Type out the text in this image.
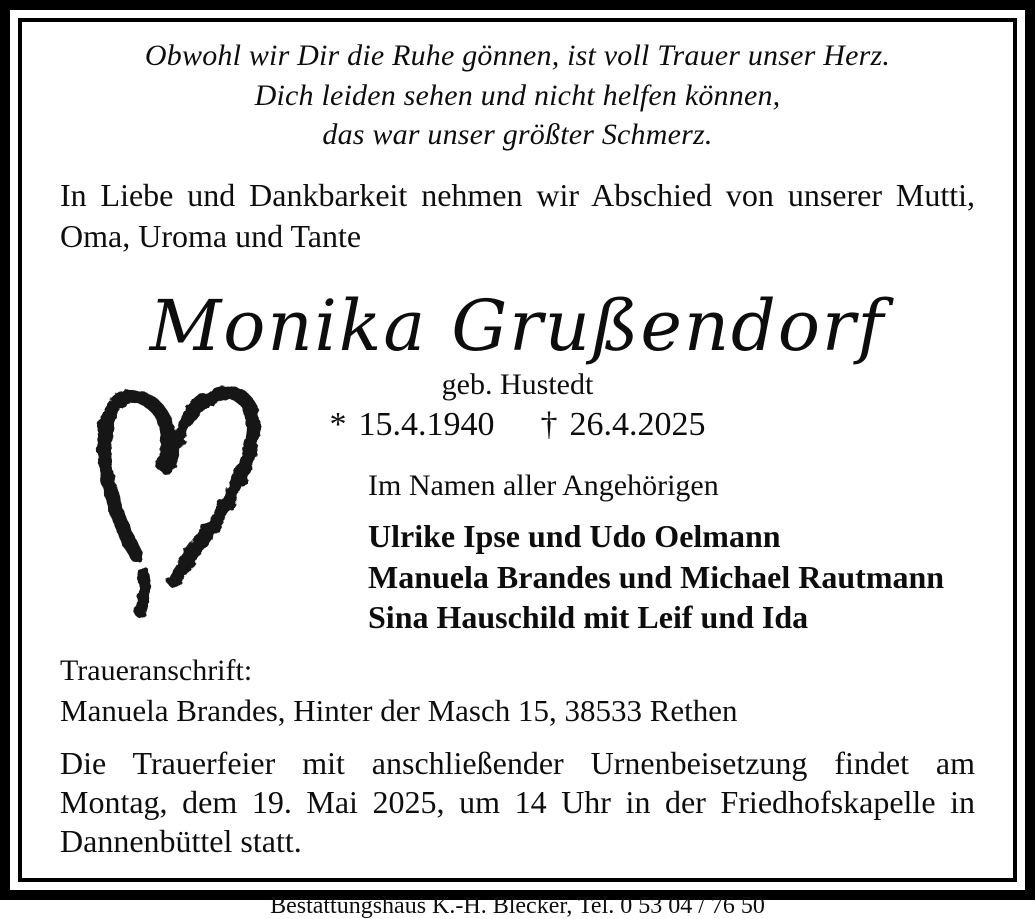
Obwohl wir Dir die Ruhe gönnen, ist voll Trauer unser Herz.
Dich leiden sehen und nicht helfen können,
das war unser größter Schmerz.

In Liebe und Dankbarkeit nehmen wir Abschied von unserer Mutti, Oma, Uroma und Tante

Monika Grußendorf
geb. Hustedt
* 15.4.1940 † 26.4.2025
Im Namen aller Angehörigen
Ulrike Ipse und Udo Oelmann
Manuela Brandes und Michael Rautmann
Sina Hauschild mit Leif und Ida
Traueranschrift:
Manuela Brandes, Hinter der Masch 15, 38533 Rethen

Die Trauerfeier mit anschließender Urnenbeisetzung findet am Montag, dem 19. Mai 2025, um 14 Uhr in der Friedhofskapelle in Dannenbüttel statt.

Bestattungshaus K.-H. Blecker, Tel. 0 53 04 / 76 50
